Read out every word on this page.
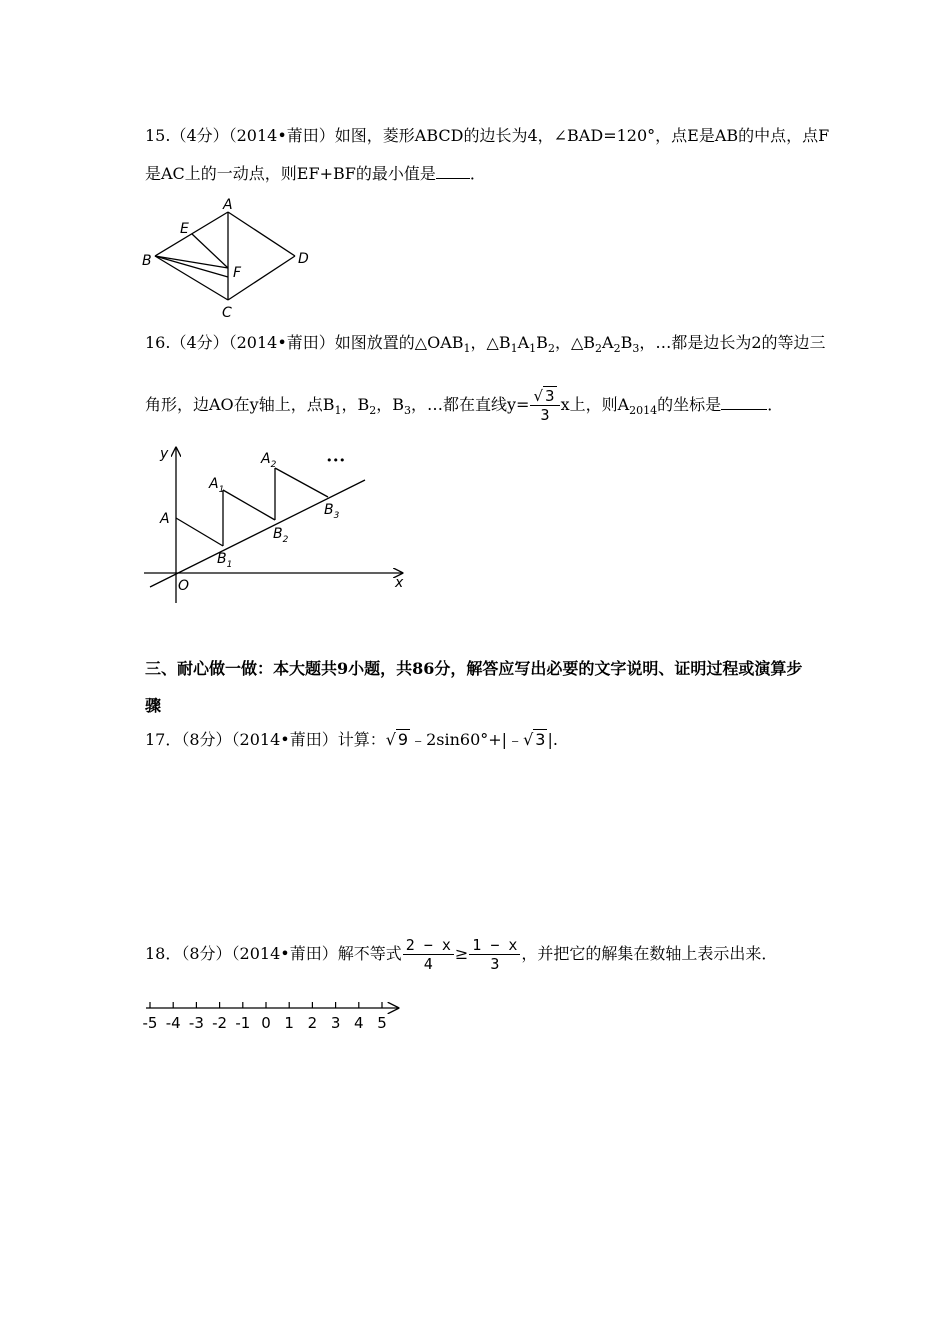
15.（4分）（2014•莆田）如图，菱形ABCD的边长为4，∠BAD=120°，点E是AB的中点，点F
是AC上的一动点，则EF+BF的最小值是 ．
A
B
C
D
E
F
16.（4分）（2014•莆田）如图放置的$\triangle OAB_1$，$\triangle B_1A_1B_2$，$\triangle B_2A_2B_3$，…都是边长为2的等边三
角形，边AO在y轴上，点$B_1$，$B_2$，$B_3$，…都在直线$y= \frac{√ 3}{3}$ x上，则$A_{2014}$的坐标是	．
y
x
O
A
$A_1$
$A_2$
$B_1$
$B_2$
$B_3$
•••
三、耐心做一做：本大题共9小题，共86分，解答应写出必要的文字说明、证明过程或演算步
骤
17．（8分）（2014•莆田）计算：√ 9 ﹣2sin60°+|﹣√ 3 |.
18．（8分）（2014•莆田）解不等式 $\frac{2 - x}{4} \ge \frac{1 - x}{3}$ ，并把它的解集在数轴上表示出来．
-5 -4 -3 -2 -1 0 1 2 3 4 5
